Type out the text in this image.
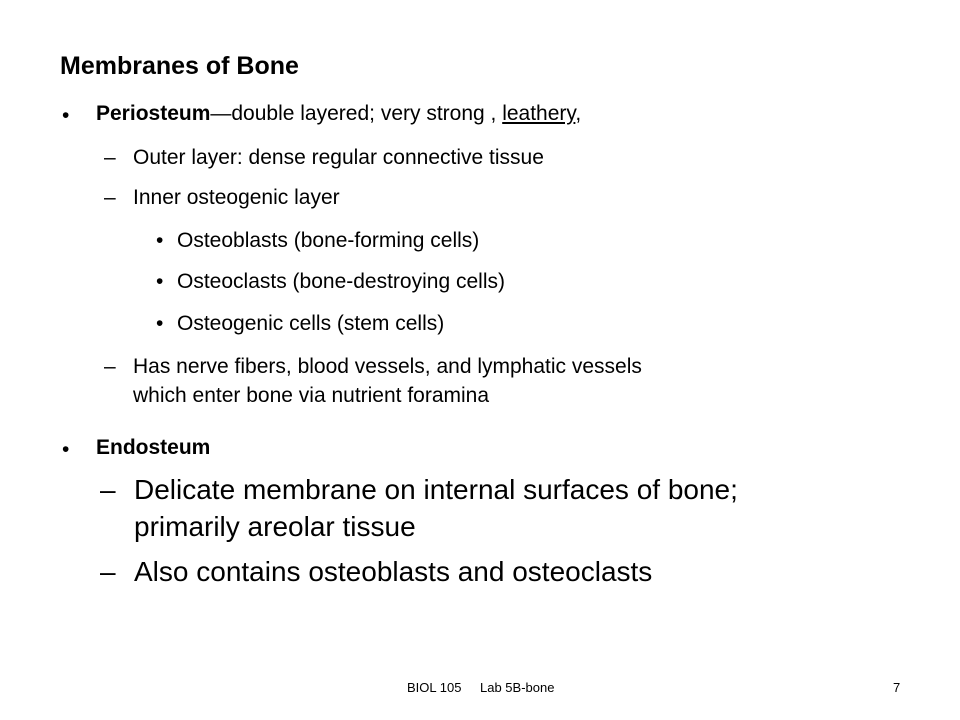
Membranes of Bone
• Periosteum—double layered; very strong , leathery,
– Outer layer: dense regular connective tissue
– Inner osteogenic layer
• Osteoblasts (bone-forming cells)
• Osteoclasts (bone-destroying cells)
• Osteogenic cells (stem cells)
– Has nerve fibers, blood vessels, and lymphatic vessels
which enter bone via nutrient foramina
• Endosteum
– Delicate membrane on internal surfaces of bone;
primarily areolar tissue
– Also contains osteoblasts and osteoclasts
BIOL 105 Lab 5B-bone	7
